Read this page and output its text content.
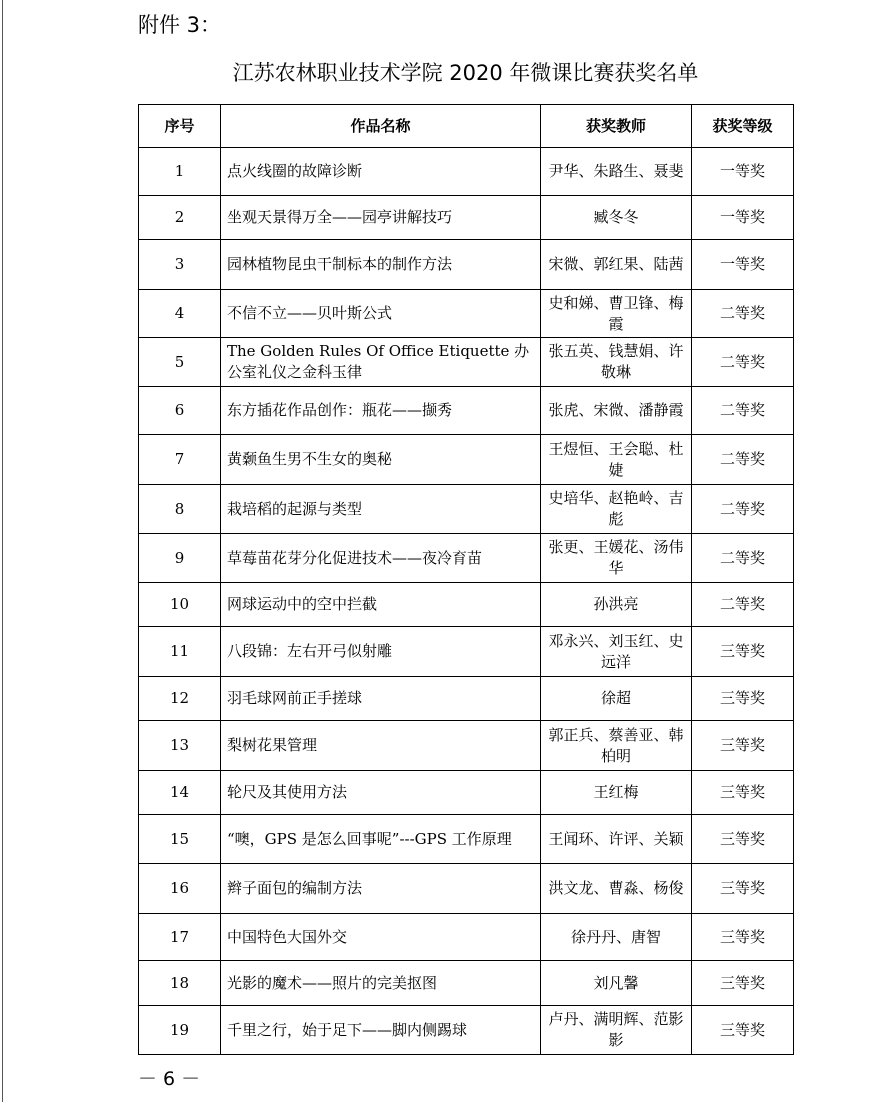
附件 3：
江苏农林职业技术学院 2020 年微课比赛获奖名单
序号	作品名称	获奖教师	获奖等级
1	点火线圈的故障诊断	尹华、朱路生、聂斐	一等奖
2	坐观天景得万全——园亭讲解技巧	臧冬冬	一等奖
3	园林植物昆虫干制标本的制作方法	宋微、郭红果、陆茜	一等奖
4	不信不立——贝叶斯公式	史和娣、曹卫锋、梅霞	二等奖
5	The Golden Rules Of Office Etiquette 办公室礼仪之金科玉律	张五英、钱慧娟、许敬琳	二等奖
6	东方插花作品创作：瓶花——撷秀	张虎、宋微、潘静霞	二等奖
7	黄颡鱼生男不生女的奥秘	王煜恒、王会聪、杜婕	二等奖
8	栽培稻的起源与类型	史培华、赵艳岭、吉彪	二等奖
9	草莓苗花芽分化促进技术——夜冷育苗	张更、王媛花、汤伟华	二等奖
10	网球运动中的空中拦截	孙洪亮	二等奖
11	八段锦：左右开弓似射雕	邓永兴、刘玉红、史远洋	三等奖
12	羽毛球网前正手搓球	徐超	三等奖
13	梨树花果管理	郭正兵、蔡善亚、韩柏明	三等奖
14	轮尺及其使用方法	王红梅	三等奖
15	“噢，GPS 是怎么回事呢”---GPS 工作原理	王闻环、许评、关颖	三等奖
16	辫子面包的编制方法	洪文龙、曹淼、杨俊	三等奖
17	中国特色大国外交	徐丹丹、唐智	三等奖
18	光影的魔术——照片的完美抠图	刘凡馨	三等奖
19	千里之行，始于足下——脚内侧踢球	卢丹、满明辉、范影影	三等奖
－ 6 －
